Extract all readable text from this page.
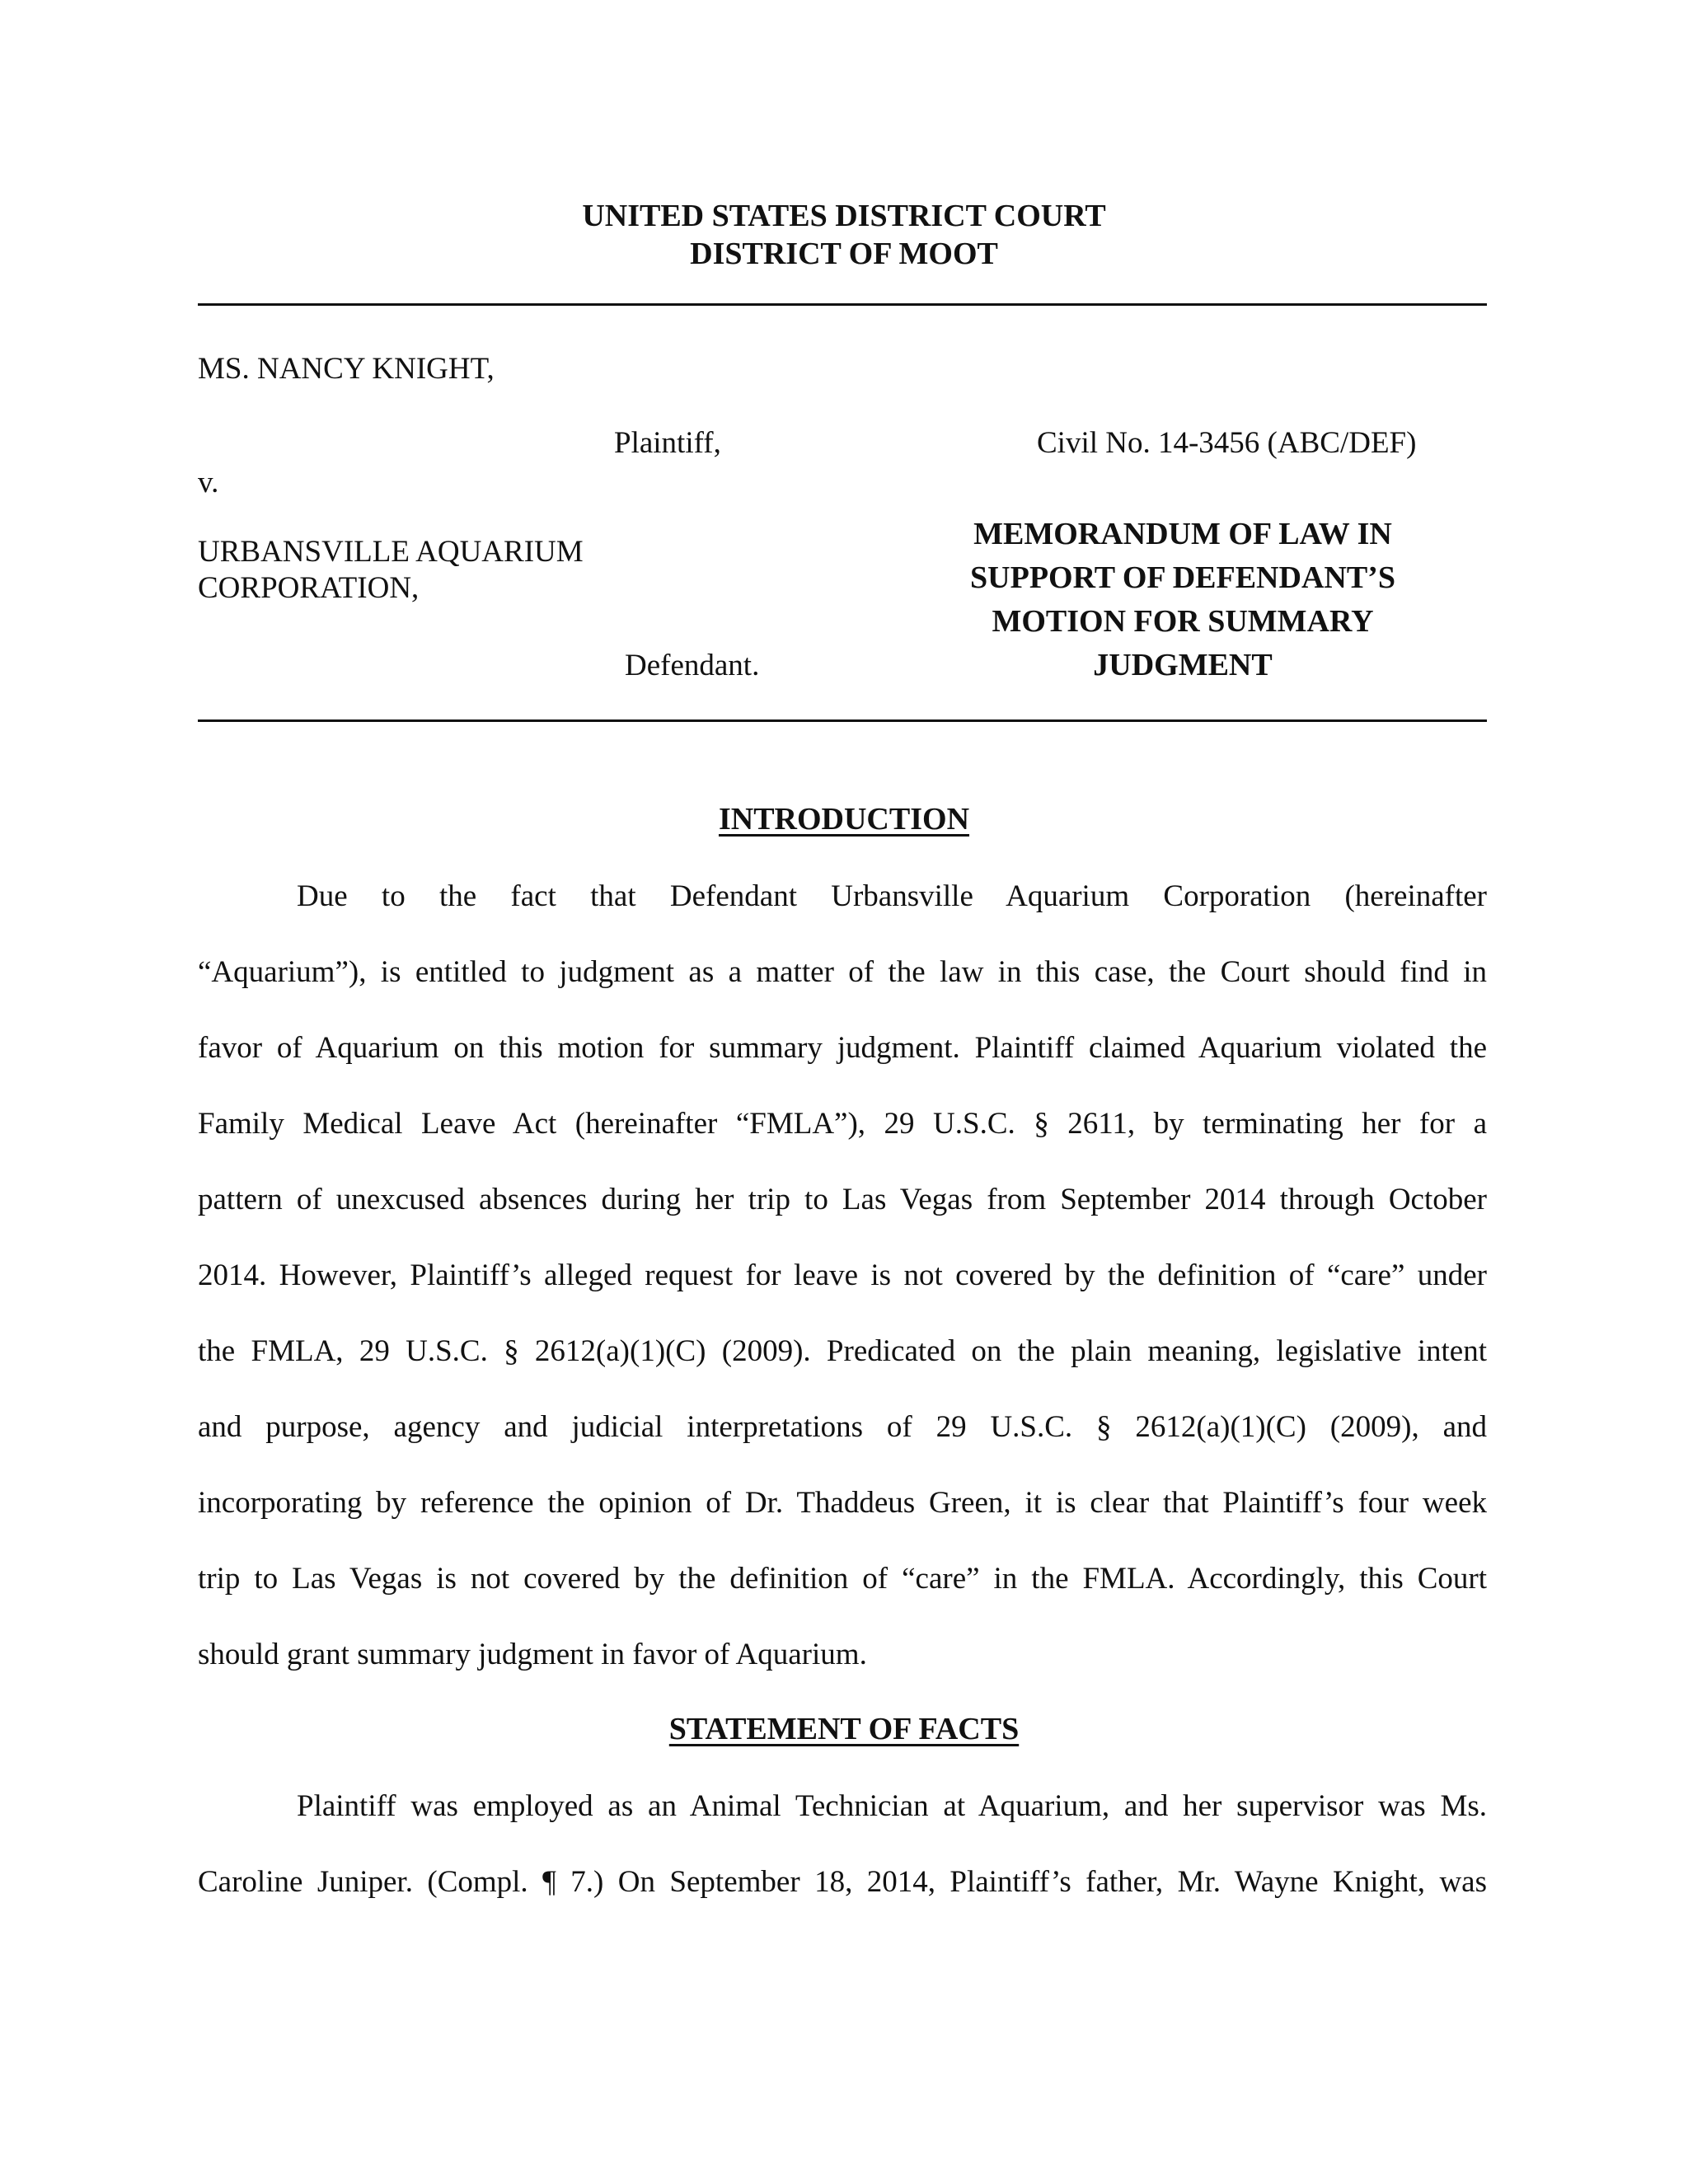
UNITED STATES DISTRICT COURT
DISTRICT OF MOOT
MS. NANCY KNIGHT,
Plaintiff,
v.
URBANSVILLE AQUARIUM
CORPORATION,
Defendant.
Civil No. 14-3456 (ABC/DEF)
MEMORANDUM OF LAW IN
SUPPORT OF DEFENDANT’S
MOTION FOR SUMMARY
JUDGMENT
INTRODUCTION
Due to the fact that Defendant Urbansville Aquarium Corporation (hereinafter
“Aquarium”), is entitled to judgment as a matter of the law in this case, the Court should find in
favor of Aquarium on this motion for summary judgment. Plaintiff claimed Aquarium violated the
Family Medical Leave Act (hereinafter “FMLA”), 29 U.S.C. § 2611, by terminating her for a
pattern of unexcused absences during her trip to Las Vegas from September 2014 through October
2014. However, Plaintiff’s alleged request for leave is not covered by the definition of “care” under
the FMLA, 29 U.S.C. § 2612(a)(1)(C) (2009). Predicated on the plain meaning, legislative intent
and purpose, agency and judicial interpretations of 29 U.S.C. § 2612(a)(1)(C) (2009), and
incorporating by reference the opinion of Dr. Thaddeus Green, it is clear that Plaintiff’s four week
trip to Las Vegas is not covered by the definition of “care” in the FMLA. Accordingly, this Court
should grant summary judgment in favor of Aquarium.
STATEMENT OF FACTS
Plaintiff was employed as an Animal Technician at Aquarium, and her supervisor was Ms.
Caroline Juniper. (Compl. ¶ 7.) On September 18, 2014, Plaintiff’s father, Mr. Wayne Knight, was
